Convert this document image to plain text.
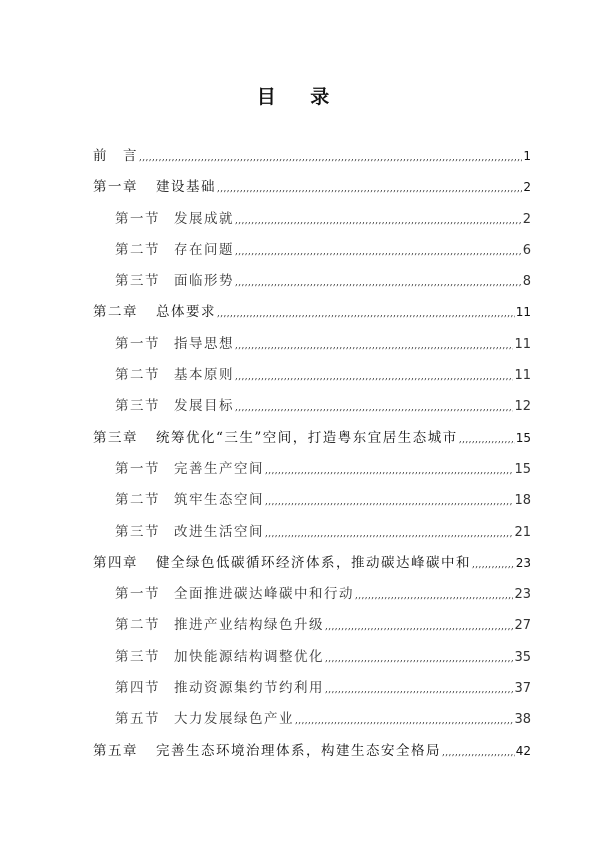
目 录
前　言 ,,,,,,,,,,,,,,,,,,,,,,,,,,,,,,,,,,,,,,,,,,,,,,,,,,,,,,,,,,,,,,,,,,,,,,,,,,,,,,,,,,,,,,,,,,,,,,,,,,,,,,,,,,,,,,,,,,,,,,,,,,,,,,,,,,,,,,,,,,,,,,,,,,,,,,,,,,,,,,,,,,,,,,,,,,,,,,,,,,,,,,,,,,,,,,,,,,,,,,,,,,,,,,,,,,,,,,,,,,,,,,	1
第一章 建设基础 ,,,,,,,,,,,,,,,,,,,,,,,,,,,,,,,,,,,,,,,,,,,,,,,,,,,,,,,,,,,,,,,,,,,,,,,,,,,,,,,,,,,,,,,,,,,,,,,,,,,,,,,,,,,,,,,,,,,,,,,,,,,,,,,,,,,,,,,,,,,,,,,,,,,,,,,,,,,,,,,,,,,,,,,,,,,,,,,,,,,,,,,,,,,,,,,,,,,,,,,,,,,,,,,,,,,,,,,,,,,,,,	2
第一节 发展成就 ,,,,,,,,,,,,,,,,,,,,,,,,,,,,,,,,,,,,,,,,,,,,,,,,,,,,,,,,,,,,,,,,,,,,,,,,,,,,,,,,,,,,,,,,,,,,,,,,,,,,,,,,,,,,,,,,,,,,,,,,,,,,,,,,,,,,,,,,,,,,,,,,,,,,,,,,,,,,,,,,,,,,,,,,,,,,,,,,,,,,,,,,,,,,,,,,,,,,,,,,,,,,,,,,,,,,,,,,,,,,,,	2
第二节 存在问题 ,,,,,,,,,,,,,,,,,,,,,,,,,,,,,,,,,,,,,,,,,,,,,,,,,,,,,,,,,,,,,,,,,,,,,,,,,,,,,,,,,,,,,,,,,,,,,,,,,,,,,,,,,,,,,,,,,,,,,,,,,,,,,,,,,,,,,,,,,,,,,,,,,,,,,,,,,,,,,,,,,,,,,,,,,,,,,,,,,,,,,,,,,,,,,,,,,,,,,,,,,,,,,,,,,,,,,,,,,,,,,,	6
第三节 面临形势 ,,,,,,,,,,,,,,,,,,,,,,,,,,,,,,,,,,,,,,,,,,,,,,,,,,,,,,,,,,,,,,,,,,,,,,,,,,,,,,,,,,,,,,,,,,,,,,,,,,,,,,,,,,,,,,,,,,,,,,,,,,,,,,,,,,,,,,,,,,,,,,,,,,,,,,,,,,,,,,,,,,,,,,,,,,,,,,,,,,,,,,,,,,,,,,,,,,,,,,,,,,,,,,,,,,,,,,,,,,,,,,	8
第二章 总体要求 ,,,,,,,,,,,,,,,,,,,,,,,,,,,,,,,,,,,,,,,,,,,,,,,,,,,,,,,,,,,,,,,,,,,,,,,,,,,,,,,,,,,,,,,,,,,,,,,,,,,,,,,,,,,,,,,,,,,,,,,,,,,,,,,,,,,,,,,,,,,,,,,,,,,,,,,,,,,,,,,,,,,,,,,,,,,,,,,,,,,,,,,,,,,,,,,,,,,,,,,,,,,,,,,,,,,,,,,,,,,,,,	11
第一节 指导思想 ,,,,,,,,,,,,,,,,,,,,,,,,,,,,,,,,,,,,,,,,,,,,,,,,,,,,,,,,,,,,,,,,,,,,,,,,,,,,,,,,,,,,,,,,,,,,,,,,,,,,,,,,,,,,,,,,,,,,,,,,,,,,,,,,,,,,,,,,,,,,,,,,,,,,,,,,,,,,,,,,,,,,,,,,,,,,,,,,,,,,,,,,,,,,,,,,,,,,,,,,,,,,,,,,,,,,,,,,,,,,,,	11
第二节 基本原则 ,,,,,,,,,,,,,,,,,,,,,,,,,,,,,,,,,,,,,,,,,,,,,,,,,,,,,,,,,,,,,,,,,,,,,,,,,,,,,,,,,,,,,,,,,,,,,,,,,,,,,,,,,,,,,,,,,,,,,,,,,,,,,,,,,,,,,,,,,,,,,,,,,,,,,,,,,,,,,,,,,,,,,,,,,,,,,,,,,,,,,,,,,,,,,,,,,,,,,,,,,,,,,,,,,,,,,,,,,,,,,,	11
第三节 发展目标 ,,,,,,,,,,,,,,,,,,,,,,,,,,,,,,,,,,,,,,,,,,,,,,,,,,,,,,,,,,,,,,,,,,,,,,,,,,,,,,,,,,,,,,,,,,,,,,,,,,,,,,,,,,,,,,,,,,,,,,,,,,,,,,,,,,,,,,,,,,,,,,,,,,,,,,,,,,,,,,,,,,,,,,,,,,,,,,,,,,,,,,,,,,,,,,,,,,,,,,,,,,,,,,,,,,,,,,,,,,,,,,	12
第三章 统筹优化“三生”空间，打造粤东宜居生态城市 ,,,,,,,,,,,,,,,,,,,,,,,,,,,,,,,,,,,,,,,,,,,,,,,,,,,,,,,,,,,,,,,,,,,,,,,,,,,,,,,,,,,,,,,,,,,,,,,,,,,,,,,,,,,,,,,,,,,,,,,,,,,,,,,,,,,,,,,,,,,,,,,,,,,,,,,,,,,,,,,,,,,,,,,,,,,,,,,,,,,,,,,,,,,,,,,,,,,,,,,,,,,,,,,,,,,,,,,,,,,,,,	15
第一节 完善生产空间 ,,,,,,,,,,,,,,,,,,,,,,,,,,,,,,,,,,,,,,,,,,,,,,,,,,,,,,,,,,,,,,,,,,,,,,,,,,,,,,,,,,,,,,,,,,,,,,,,,,,,,,,,,,,,,,,,,,,,,,,,,,,,,,,,,,,,,,,,,,,,,,,,,,,,,,,,,,,,,,,,,,,,,,,,,,,,,,,,,,,,,,,,,,,,,,,,,,,,,,,,,,,,,,,,,,,,,,,,,,,,,,	15
第二节 筑牢生态空间 ,,,,,,,,,,,,,,,,,,,,,,,,,,,,,,,,,,,,,,,,,,,,,,,,,,,,,,,,,,,,,,,,,,,,,,,,,,,,,,,,,,,,,,,,,,,,,,,,,,,,,,,,,,,,,,,,,,,,,,,,,,,,,,,,,,,,,,,,,,,,,,,,,,,,,,,,,,,,,,,,,,,,,,,,,,,,,,,,,,,,,,,,,,,,,,,,,,,,,,,,,,,,,,,,,,,,,,,,,,,,,,	18
第三节 改进生活空间 ,,,,,,,,,,,,,,,,,,,,,,,,,,,,,,,,,,,,,,,,,,,,,,,,,,,,,,,,,,,,,,,,,,,,,,,,,,,,,,,,,,,,,,,,,,,,,,,,,,,,,,,,,,,,,,,,,,,,,,,,,,,,,,,,,,,,,,,,,,,,,,,,,,,,,,,,,,,,,,,,,,,,,,,,,,,,,,,,,,,,,,,,,,,,,,,,,,,,,,,,,,,,,,,,,,,,,,,,,,,,,,	21
第四章 健全绿色低碳循环经济体系，推动碳达峰碳中和 ,,,,,,,,,,,,,,,,,,,,,,,,,,,,,,,,,,,,,,,,,,,,,,,,,,,,,,,,,,,,,,,,,,,,,,,,,,,,,,,,,,,,,,,,,,,,,,,,,,,,,,,,,,,,,,,,,,,,,,,,,,,,,,,,,,,,,,,,,,,,,,,,,,,,,,,,,,,,,,,,,,,,,,,,,,,,,,,,,,,,,,,,,,,,,,,,,,,,,,,,,,,,,,,,,,,,,,,,,,,,,,	23
第一节 全面推进碳达峰碳中和行动 ,,,,,,,,,,,,,,,,,,,,,,,,,,,,,,,,,,,,,,,,,,,,,,,,,,,,,,,,,,,,,,,,,,,,,,,,,,,,,,,,,,,,,,,,,,,,,,,,,,,,,,,,,,,,,,,,,,,,,,,,,,,,,,,,,,,,,,,,,,,,,,,,,,,,,,,,,,,,,,,,,,,,,,,,,,,,,,,,,,,,,,,,,,,,,,,,,,,,,,,,,,,,,,,,,,,,,,,,,,,,,,	23
第二节 推进产业结构绿色升级 ,,,,,,,,,,,,,,,,,,,,,,,,,,,,,,,,,,,,,,,,,,,,,,,,,,,,,,,,,,,,,,,,,,,,,,,,,,,,,,,,,,,,,,,,,,,,,,,,,,,,,,,,,,,,,,,,,,,,,,,,,,,,,,,,,,,,,,,,,,,,,,,,,,,,,,,,,,,,,,,,,,,,,,,,,,,,,,,,,,,,,,,,,,,,,,,,,,,,,,,,,,,,,,,,,,,,,,,,,,,,,,	27
第三节 加快能源结构调整优化 ,,,,,,,,,,,,,,,,,,,,,,,,,,,,,,,,,,,,,,,,,,,,,,,,,,,,,,,,,,,,,,,,,,,,,,,,,,,,,,,,,,,,,,,,,,,,,,,,,,,,,,,,,,,,,,,,,,,,,,,,,,,,,,,,,,,,,,,,,,,,,,,,,,,,,,,,,,,,,,,,,,,,,,,,,,,,,,,,,,,,,,,,,,,,,,,,,,,,,,,,,,,,,,,,,,,,,,,,,,,,,,	35
第四节 推动资源集约节约利用 ,,,,,,,,,,,,,,,,,,,,,,,,,,,,,,,,,,,,,,,,,,,,,,,,,,,,,,,,,,,,,,,,,,,,,,,,,,,,,,,,,,,,,,,,,,,,,,,,,,,,,,,,,,,,,,,,,,,,,,,,,,,,,,,,,,,,,,,,,,,,,,,,,,,,,,,,,,,,,,,,,,,,,,,,,,,,,,,,,,,,,,,,,,,,,,,,,,,,,,,,,,,,,,,,,,,,,,,,,,,,,,	37
第五节 大力发展绿色产业 ,,,,,,,,,,,,,,,,,,,,,,,,,,,,,,,,,,,,,,,,,,,,,,,,,,,,,,,,,,,,,,,,,,,,,,,,,,,,,,,,,,,,,,,,,,,,,,,,,,,,,,,,,,,,,,,,,,,,,,,,,,,,,,,,,,,,,,,,,,,,,,,,,,,,,,,,,,,,,,,,,,,,,,,,,,,,,,,,,,,,,,,,,,,,,,,,,,,,,,,,,,,,,,,,,,,,,,,,,,,,,,	38
第五章 完善生态环境治理体系，构建生态安全格局 ,,,,,,,,,,,,,,,,,,,,,,,,,,,,,,,,,,,,,,,,,,,,,,,,,,,,,,,,,,,,,,,,,,,,,,,,,,,,,,,,,,,,,,,,,,,,,,,,,,,,,,,,,,,,,,,,,,,,,,,,,,,,,,,,,,,,,,,,,,,,,,,,,,,,,,,,,,,,,,,,,,,,,,,,,,,,,,,,,,,,,,,,,,,,,,,,,,,,,,,,,,,,,,,,,,,,,,,,,,,,,,	42
